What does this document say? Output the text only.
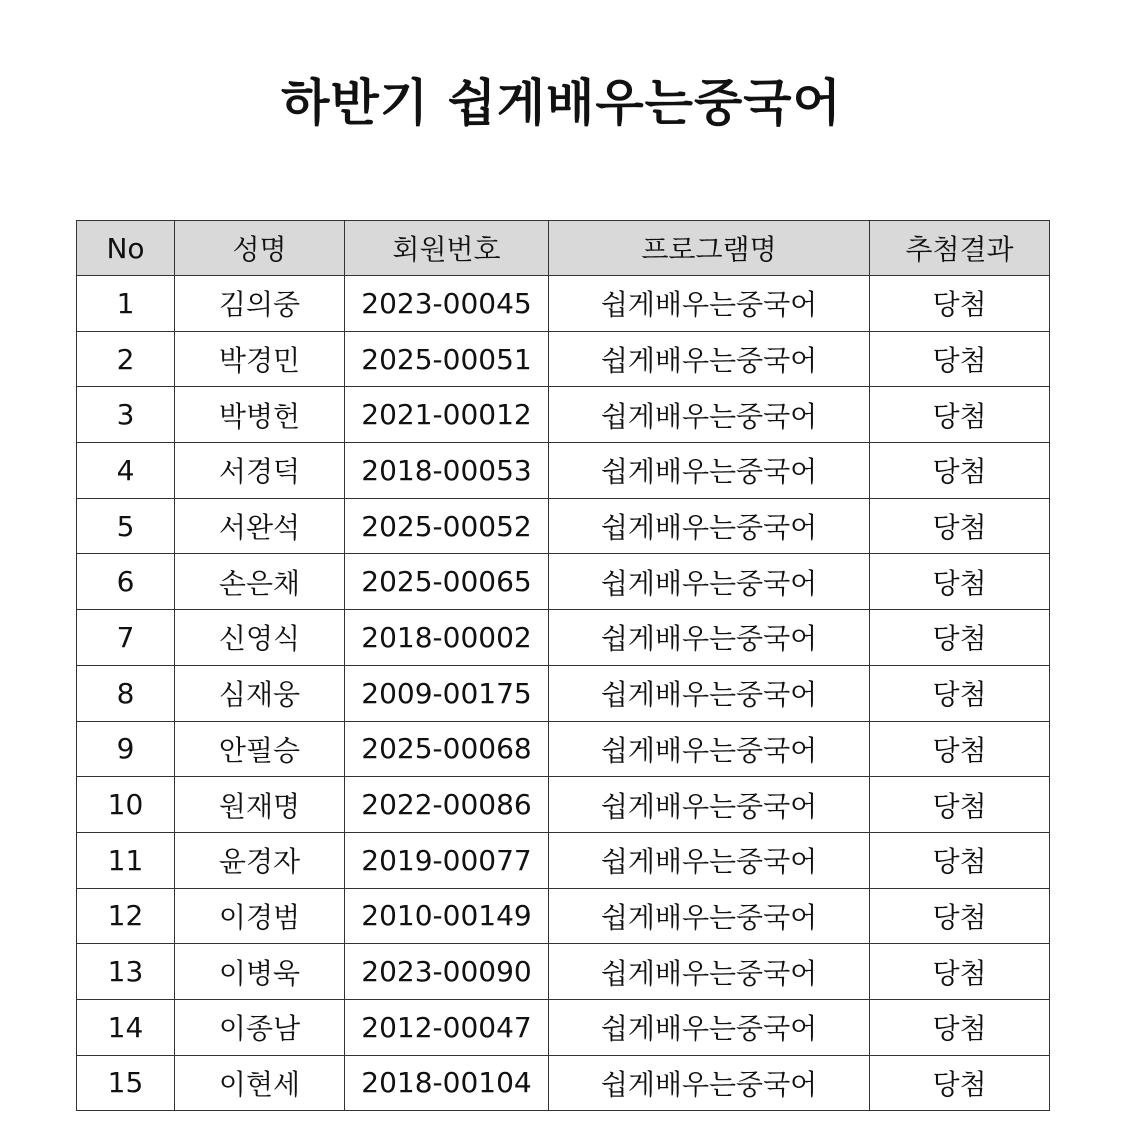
하반기 쉽게배우는중국어
No	성명	회원번호	프로그램명	추첨결과
1	김의중	2023-00045	쉽게배우는중국어	당첨
2	박경민	2025-00051	쉽게배우는중국어	당첨
3	박병헌	2021-00012	쉽게배우는중국어	당첨
4	서경덕	2018-00053	쉽게배우는중국어	당첨
5	서완석	2025-00052	쉽게배우는중국어	당첨
6	손은채	2025-00065	쉽게배우는중국어	당첨
7	신영식	2018-00002	쉽게배우는중국어	당첨
8	심재웅	2009-00175	쉽게배우는중국어	당첨
9	안필승	2025-00068	쉽게배우는중국어	당첨
10	원재명	2022-00086	쉽게배우는중국어	당첨
11	윤경자	2019-00077	쉽게배우는중국어	당첨
12	이경범	2010-00149	쉽게배우는중국어	당첨
13	이병욱	2023-00090	쉽게배우는중국어	당첨
14	이종남	2012-00047	쉽게배우는중국어	당첨
15	이현세	2018-00104	쉽게배우는중국어	당첨
